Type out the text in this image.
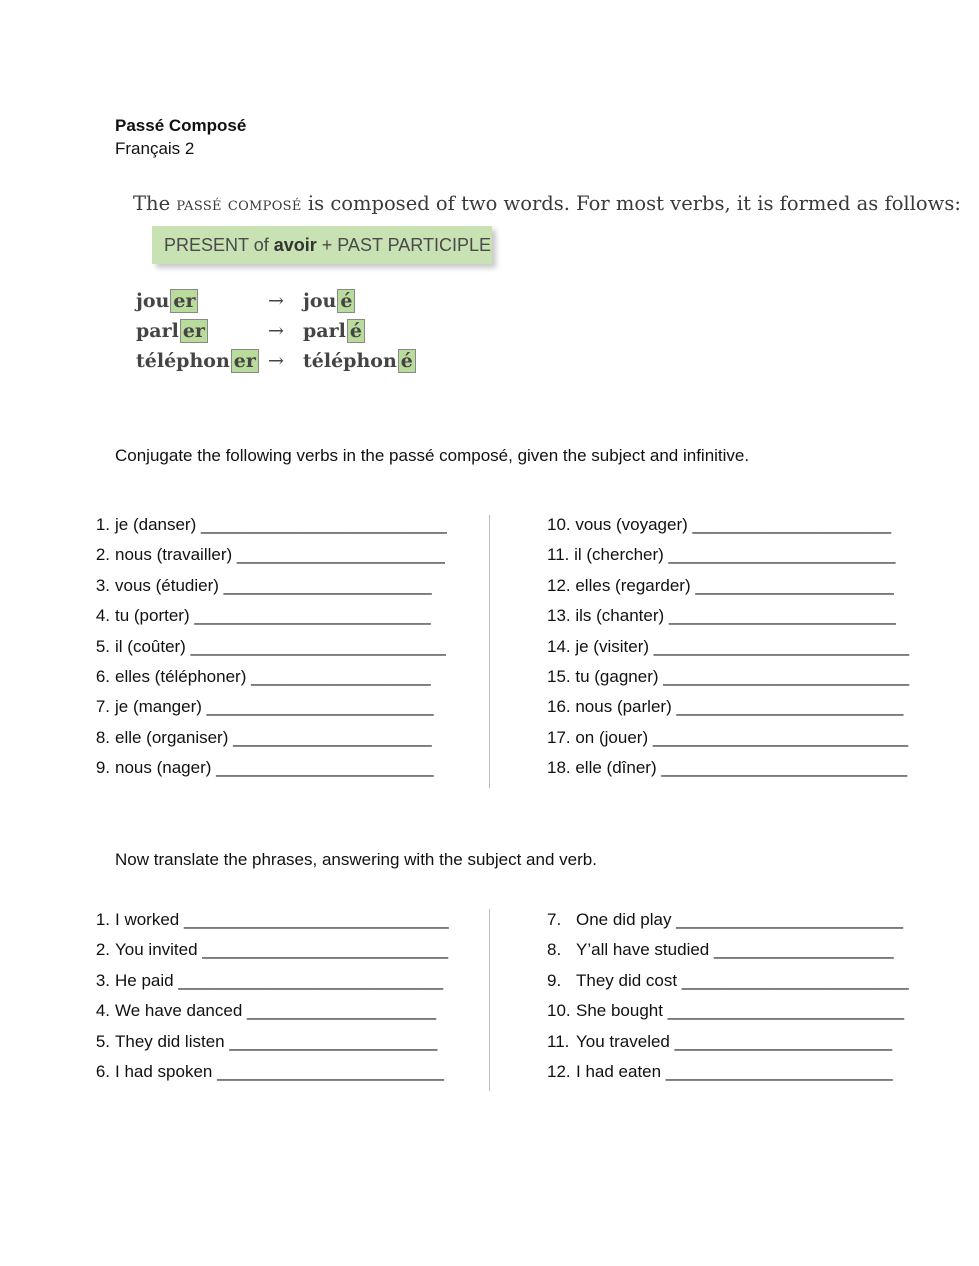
Passé Composé
Français 2
The passé composé is composed of two words. For most verbs, it is formed as follows:
PRESENT of avoir + PAST PARTICIPLE
jou er	→ jou é
parl er	→ parl é
téléphon er → téléphon é
Conjugate the following verbs in the passé composé, given the subject and infinitive.
1. je (danser) __________________________
2. nous (travailler) ______________________
3. vous (étudier) ______________________
4. tu (porter) _________________________
5. il (coûter) ___________________________
6. elles (téléphoner) ___________________
7. je (manger) ________________________
8. elle (organiser) _____________________
9. nous (nager) _______________________
10. vous (voyager) _____________________
11. il (chercher) ________________________
12. elles (regarder) _____________________
13. ils (chanter) ________________________
14. je (visiter) ___________________________
15. tu (gagner) __________________________
16. nous (parler) ________________________
17. on (jouer) ___________________________
18. elle (dîner) __________________________
Now translate the phrases, answering with the subject and verb.
1. I worked ____________________________
2. You invited __________________________
3. He paid ____________________________
4. We have danced ____________________
5. They did listen ______________________
6. I had spoken ________________________
7. One did play ________________________
8. Y’all have studied ___________________
9. They did cost ________________________
10. She bought _________________________
11. You traveled _______________________
12. I had eaten ________________________
